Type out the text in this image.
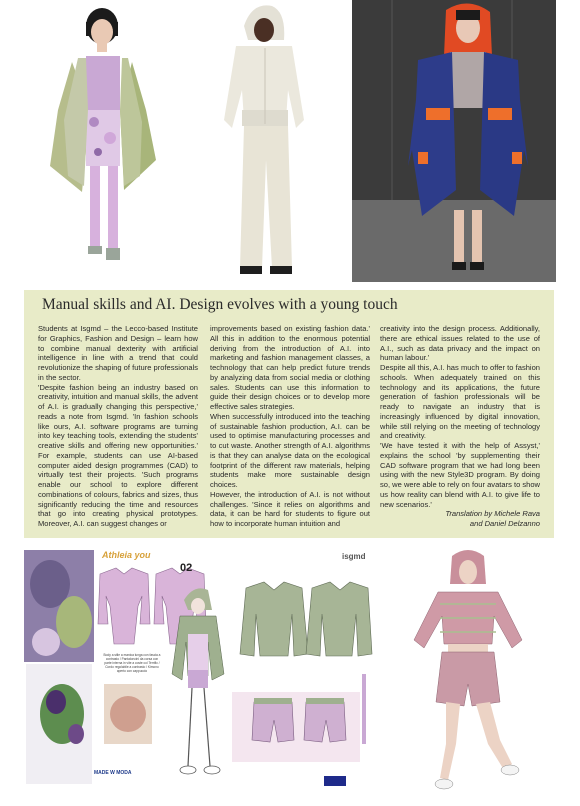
Manual skills and AI. Design evolves with a young touch

Students at Isgmd – the Lecco-based Institute for Graphics, Fashion and Design – learn how to combine manual dexterity with artificial intelligence in line with a trend that could revolutionize the shaping of future professionals in the sector.

'Despite fashion being an industry based on creativity, intuition and manual skills, the advent of A.I. is gradually changing this perspective,' reads a note from Isgmd. 'In fashion schools like ours, A.I. software programs are turning into key teaching tools, extending the students' creative skills and offering new opportunities.' For example, students can use AI-based computer aided design programmes (CAD) to virtually test their projects. 'Such programs enable our school to explore different combinations of colours, fabrics and sizes, thus significantly reducing the time and resources that go into creating physical prototypes. Moreover, A.I. can suggest changes or

improvements based on existing fashion data.' All this in addition to the enormous potential deriving from the introduction of A.I. into marketing and fashion management classes, a technology that can help predict future trends by analyzing data from social media or clothing sales. Students can use this information to guide their design choices or to develop more effective sales strategies.

When successfully introduced into the teaching of sustainable fashion production, A.I. can be used to optimise manufacturing processes and to cut waste. Another strength of A.I. algorithms is that they can analyse data on the ecological footprint of the different raw materials, helping students make more sustainable design choices.

However, the introduction of A.I. is not without challenges. 'Since it relies on algorithms and data, it can be hard for students to figure out how to incorporate human intuition and

creativity into the design process. Additionally, there are ethical issues related to the use of A.I., such as data privacy and the impact on human labour.'

Despite all this, A.I. has much to offer to fashion schools. When adequately trained on this technology and its applications, the future generation of fashion professionals will be ready to navigate an industry that is increasingly influenced by digital innovation, while still relying on the meeting of technology and creativity.

'We have tested it with the help of Assyst,' explains the school 'by supplementing their CAD software program that we had long been using with the new Style3D program. By doing so, we were able to rely on four avatars to show us how reality can blend with A.I. to give life to new scenarios.'

Translation by Michele Rava

and Daniel Delzanno

Athleia you
02
isgmd
Body a stile a manica lunga con fascia a contrasto / Pantaloncini da corsa con parte interna in vite a coste col Terrific / Cordo regolabile a contrasto / Kimono aperto con cappuccio
MADE W MODA
